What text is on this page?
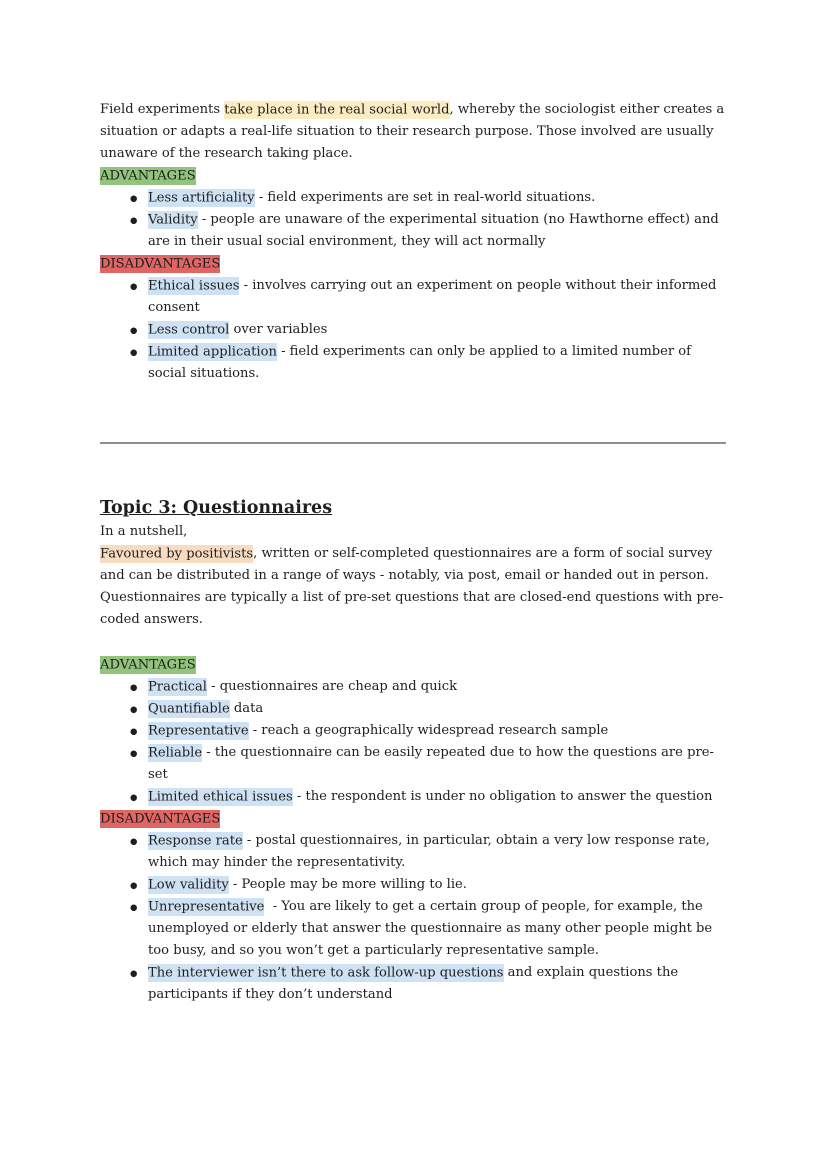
Field experiments take place in the real social world, whereby the sociologist either creates a situation or adapts a real-life situation to their research purpose. Those involved are usually unaware of the research taking place.
ADVANTAGES
●
Less artificiality - field experiments are set in real-world situations.
●
Validity - people are unaware of the experimental situation (no Hawthorne effect) and are in their usual social environment, they will act normally
DISADVANTAGES
●
Ethical issues - involves carrying out an experiment on people without their informed consent
●
Less control over variables
●
Limited application - field experiments can only be applied to a limited number of social situations.
Topic 3: Questionnaires
In a nutshell,
Favoured by positivists, written or self-completed questionnaires are a form of social survey and can be distributed in a range of ways - notably, via post, email or handed out in person. Questionnaires are typically a list of pre-set questions that are closed-end questions with pre-coded answers.
ADVANTAGES
●
Practical - questionnaires are cheap and quick
●
Quantifiable data
●
Representative - reach a geographically widespread research sample
●
Reliable - the questionnaire can be easily repeated due to how the questions are pre-set
●
Limited ethical issues - the respondent is under no obligation to answer the question
DISADVANTAGES
●
Response rate - postal questionnaires, in particular, obtain a very low response rate, which may hinder the representativity.
●
Low validity - People may be more willing to lie.
●
Unrepresentative  - You are likely to get a certain group of people, for example, the unemployed or elderly that answer the questionnaire as many other people might be too busy, and so you won’t get a particularly representative sample.
●
The interviewer isn’t there to ask follow-up questions and explain questions the participants if they don’t understand
